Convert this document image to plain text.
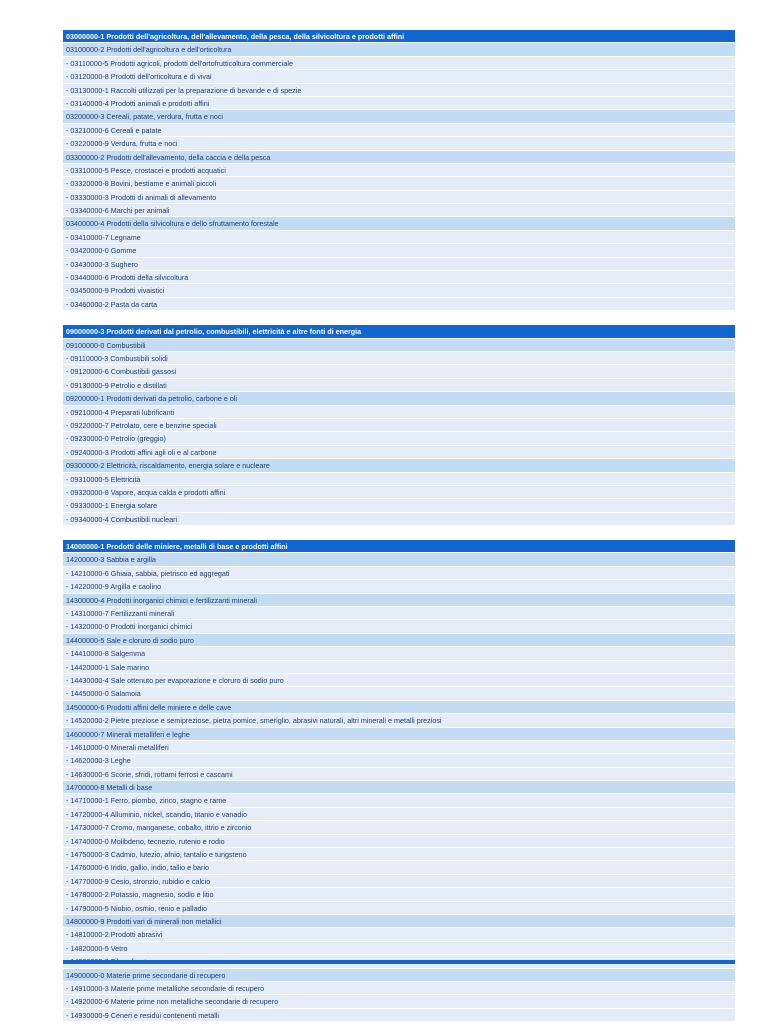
03000000-1 Prodotti dell'agricoltura, dell'allevamento, della pesca, della silvicoltura e prodotti affini
03100000-2 Prodotti dell'agricoltura e dell'orticoltura
- 03110000-5 Prodotti agricoli, prodotti dell'ortofrutticoltura commerciale
- 03120000-8 Prodotti dell'orticoltura e di vivai
- 03130000-1 Raccolti utilizzati per la preparazione di bevande e di spezie
- 03140000-4 Prodotti animali e prodotti affini
03200000-3 Cereali, patate, verdura, frutta e noci
- 03210000-6 Cereali e patate
- 03220000-9 Verdura, frutta e noci
03300000-2 Prodotti dell'allevamento, della caccia e della pesca
- 03310000-5 Pesce, crostacei e prodotti acquatici
- 03320000-8 Bovini, bestiame e animali piccoli
- 03330000-3 Prodotti di animali di allevamento
- 03340000-6 Marchi per animali
03400000-4 Prodotti della silvicoltura e dello sfruttamento forestale
- 03410000-7 Legname
- 03420000-0 Gomme
- 03430000-3 Sughero
- 03440000-6 Prodotti della silvicoltura
- 03450000-9 Prodotti vivaistici
- 03460000-2 Pasta da carta
09000000-3 Prodotti derivati dal petrolio, combustibili, elettricità e altre fonti di energia
09100000-0 Combustibili
- 09110000-3 Combustibili solidi
- 09120000-6 Combustibili gassosi
- 09130000-9 Petrolio e distillati
09200000-1 Prodotti derivati da petrolio, carbone e oli
- 09210000-4 Preparati lubrificanti
- 09220000-7 Petrolato, cere e benzine speciali
- 09230000-0 Petrolio (greggio)
- 09240000-3 Prodotti affini agli oli e al carbone
09300000-2 Elettricità, riscaldamento, energia solare e nucleare
- 09310000-5 Elettricità
- 09320000-8 Vapore, acqua calda e prodotti affini
- 09330000-1 Energia solare
- 09340000-4 Combustibili nucleari
14000000-1 Prodotti delle miniere, metalli di base e prodotti affini
14200000-3 Sabbia e argilla
- 14210000-6 Ghiaia, sabbia, pietrisco ed aggregati
- 14220000-9 Argilla e caolino
14300000-4 Prodotti inorganici chimici e fertilizzanti minerali
- 14310000-7 Fertilizzanti minerali
- 14320000-0 Prodotti inorganici chimici
14400000-5 Sale e cloruro di sodio puro
- 14410000-8 Salgemma
- 14420000-1 Sale marino
- 14430000-4 Sale ottenuto per evaporazione e cloruro di sodio puro
- 14450000-0 Salamoia
14500000-6 Prodotti affini delle miniere e delle cave
- 14520000-2 Pietre preziose e semipreziose, pietra pomice, smeriglio, abrasivi naturali, altri minerali e metalli preziosi
14600000-7 Minerali metalliferi e leghe
- 14610000-0 Minerali metalliferi
- 14620000-3 Leghe
- 14630000-6 Scorie, sfridi, rottami ferrosi e cascami
14700000-8 Metalli di base
- 14710000-1 Ferro, piombo, zinco, stagno e rame
- 14720000-4 Alluminio, nickel, scandio, titanio e vanadio
- 14730000-7 Cromo, manganese, cobalto, ittrio e zirconio
- 14740000-0 Molibdeno, tecnezio, rutenio e rodio
- 14750000-3 Cadmio, lutezio, afnio, tantalio e tungsteno
- 14760000-6 Iridio, gallio, indio, tallio e bario
- 14770000-9 Cesio, stronzio, rubidio e calcio
- 14780000-2 Potassio, magnesio, sodio e litio
- 14790000-5 Niobio, osmio, renio e palladio
14800000-9 Prodotti vari di minerali non metallici
- 14810000-2 Prodotti abrasivi
- 14820000-5 Vetro
14900000-0 Materie prime secondarie di recupero
- 14910000-3 Materie prime metalliche secondarie di recupero
- 14920000-6 Materie prime non metalliche secondarie di recupero
- 14930000-9 Ceneri e residui contenenti metalli
